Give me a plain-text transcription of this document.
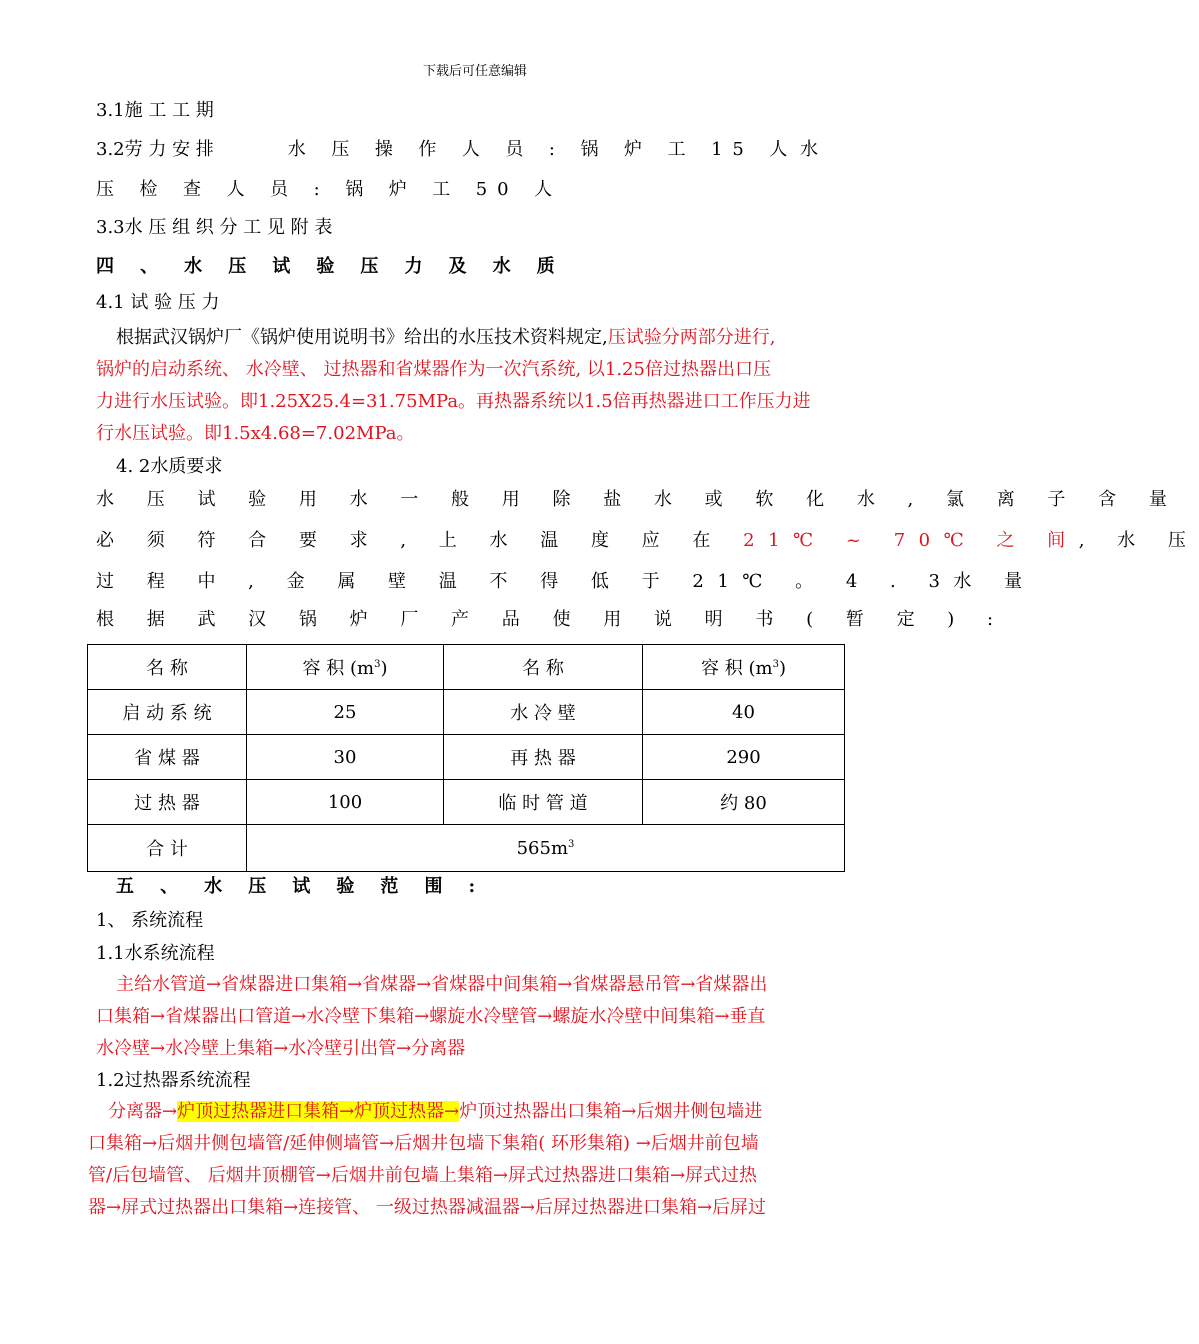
下载后可任意编辑
3.1施 工 工 期
3.2劳 力 安 排	水 压 操 作 人 员 : 锅 炉 工 15 人 水
压 检 查 人 员 : 锅 炉 工 50 人
3.3水 压 组 织 分 工 见 附 表
四 、 水 压 试 验 压 力 及 水 质
4.1 试 验 压 力
根据武汉锅炉厂《锅炉使用说明书》给出的水压技术资料规定,压试验分两部分进行,
锅炉的启动系统、 水冷壁、 过热器和省煤器作为一次汽系统, 以1.25倍过热器出口压
力进行水压试验。即1.25X25.4=31.75MPa。再热器系统以1.5倍再热器进口工作压力进
行水压试验。即1.5x4.68=7.02MPa。
4. 2水质要求
水 压 试 验 用 水 一 般 用 除 盐 水 或 软 化 水 , 氯 离 子 含 量
必 须 符 合 要 求 , 上 水 温 度 应 在 21℃ ~ 70℃ 之 间, 水 压
过 程 中 , 金 属 壁 温 不 得 低 于 21℃ 。 4 . 3水 量
根 据 武 汉 锅 炉 厂 产 品 使 用 说 明 书 ( 暂 定 ) :
名 称	容 积 $(m^3)$	名 称	容 积 $(m^3)$
启 动 系 统	25	水 冷 壁	40
省 煤 器	30	再 热 器	290
过 热 器	100	临 时 管 道	约 80
合 计	$565m^3$
五 、 水 压 试 验 范 围 :
1、 系统流程
1.1水系统流程
主给水管道→省煤器进口集箱→省煤器→省煤器中间集箱→省煤器悬吊管→省煤器出
口集箱→省煤器出口管道→水冷壁下集箱→螺旋水冷壁管→螺旋水冷壁中间集箱→垂直
水冷壁→水冷壁上集箱→水冷壁引出管→分离器
1.2过热器系统流程
分离器→炉顶过热器进口集箱→炉顶过热器→炉顶过热器出口集箱→后烟井侧包墙进
口集箱→后烟井侧包墙管/延伸侧墙管→后烟井包墙下集箱( 环形集箱) →后烟井前包墙
管/后包墙管、 后烟井顶棚管→后烟井前包墙上集箱→屏式过热器进口集箱→屏式过热
器→屏式过热器出口集箱→连接管、 一级过热器减温器→后屏过热器进口集箱→后屏过
